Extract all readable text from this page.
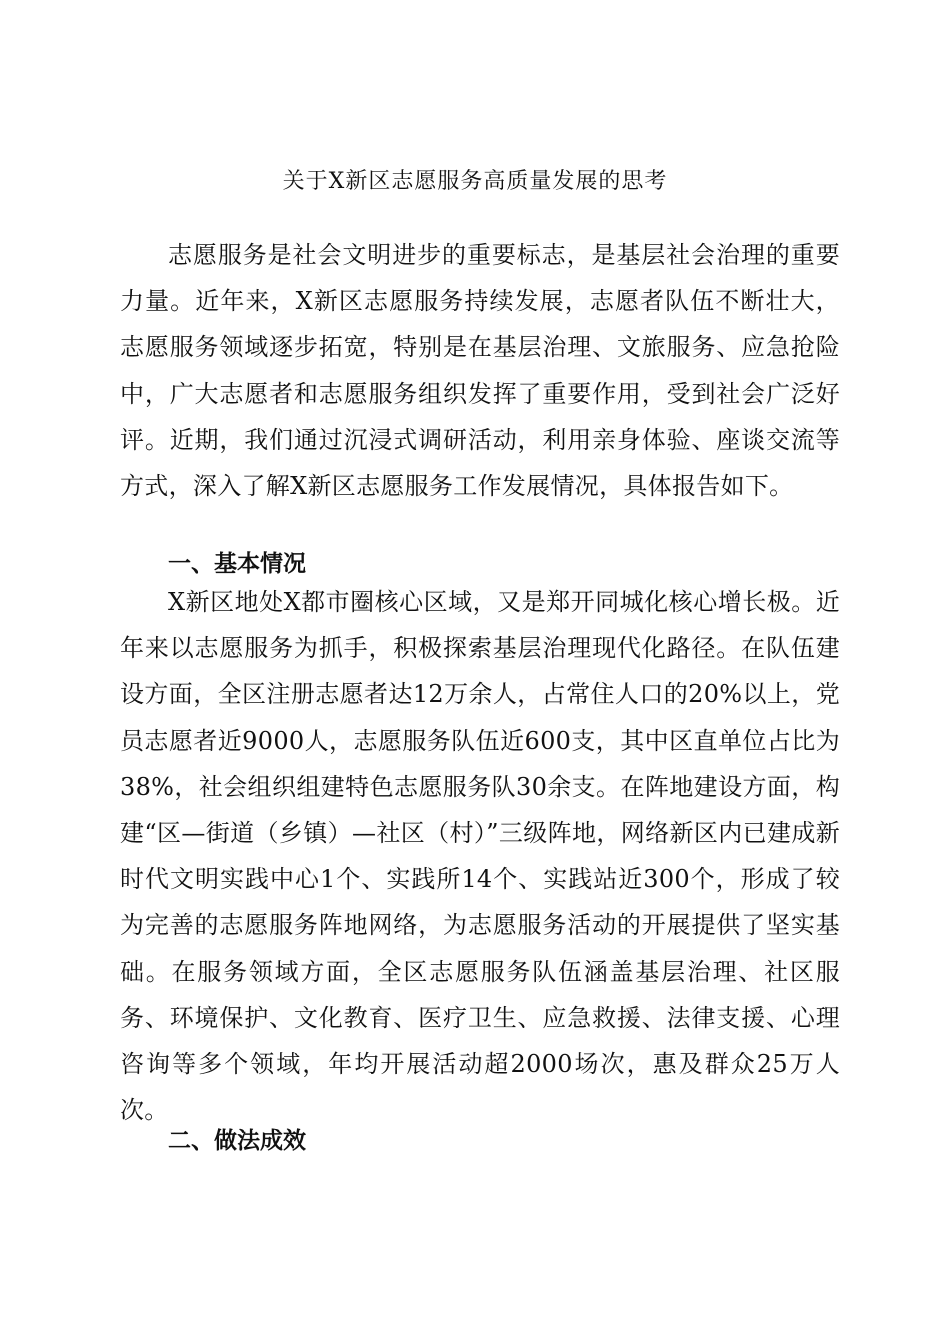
关于X新区志愿服务高质量发展的思考

志愿服务是社会文明进步的重要标志，是基层社会治理的重要力量。近年来，X新区志愿服务持续发展，志愿者队伍不断壮大，志愿服务领域逐步拓宽，特别是在基层治理、文旅服务、应急抢险中，广大志愿者和志愿服务组织发挥了重要作用，受到社会广泛好评。近期，我们通过沉浸式调研活动，利用亲身体验、座谈交流等方式，深入了解X新区志愿服务工作发展情况，具体报告如下。

一、基本情况

X新区地处X都市圈核心区域，又是郑开同城化核心增长极。近年来以志愿服务为抓手，积极探索基层治理现代化路径。在队伍建设方面，全区注册志愿者达12万余人，占常住人口的20%以上，党员志愿者近9000人，志愿服务队伍近600支，其中区直单位占比为38%，社会组织组建特色志愿服务队30余支。在阵地建设方面，构建“区—街道（乡镇）—社区（村）”三级阵地，网络新区内已建成新时代文明实践中心1个、实践所14个、实践站近300个，形成了较为完善的志愿服务阵地网络，为志愿服务活动的开展提供了坚实基础。在服务领域方面，全区志愿服务队伍涵盖基层治理、社区服务、环境保护、文化教育、医疗卫生、应急救援、法律支援、心理咨询等多个领域，年均开展活动超2000场次，惠及群众25万人次。

二、做法成效
